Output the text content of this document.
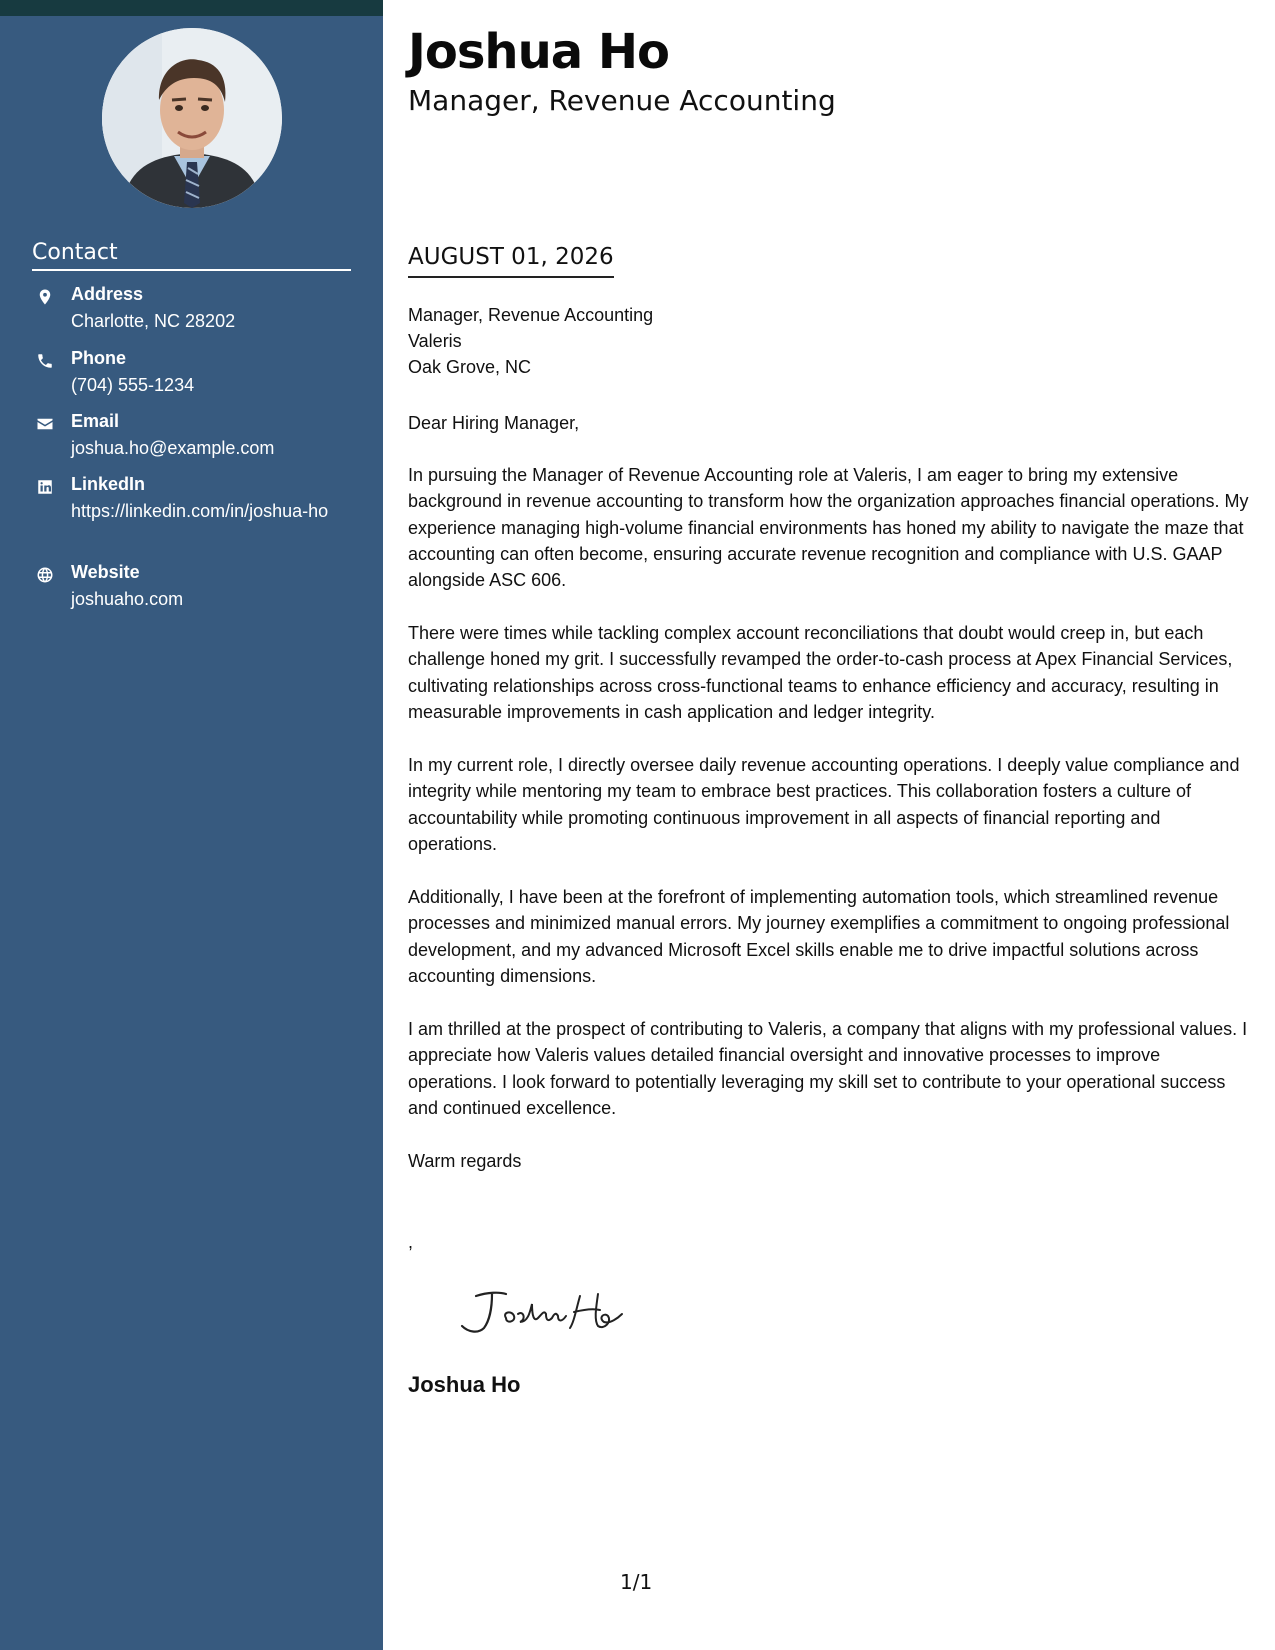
Contact
Address
Charlotte, NC 28202
Phone
(704) 555-1234
Email
joshua.ho@example.com
LinkedIn
https://linkedin.com/in/joshua-ho
Website
joshuaho.com
Joshua Ho
Manager, Revenue Accounting
AUGUST 01, 2026
Manager, Revenue Accounting
Valeris
Oak Grove, NC
Dear Hiring Manager,

In pursuing the Manager of Revenue Accounting role at Valeris, I am eager to bring my extensive background in revenue accounting to transform how the organization approaches financial operations. My experience managing high-volume financial environments has honed my ability to navigate the maze that accounting can often become, ensuring accurate revenue recognition and compliance with U.S. GAAP alongside ASC 606.

There were times while tackling complex account reconciliations that doubt would creep in, but each challenge honed my grit. I successfully revamped the order-to-cash process at Apex Financial Services, cultivating relationships across cross-functional teams to enhance efficiency and accuracy, resulting in measurable improvements in cash application and ledger integrity.

In my current role, I directly oversee daily revenue accounting operations. I deeply value compliance and integrity while mentoring my team to embrace best practices. This collaboration fosters a culture of accountability while promoting continuous improvement in all aspects of financial reporting and operations.

Additionally, I have been at the forefront of implementing automation tools, which streamlined revenue processes and minimized manual errors. My journey exemplifies a commitment to ongoing professional development, and my advanced Microsoft Excel skills enable me to drive impactful solutions across accounting dimensions.

I am thrilled at the prospect of contributing to Valeris, a company that aligns with my professional values. I appreciate how Valeris values detailed financial oversight and innovative processes to improve operations. I look forward to potentially leveraging my skill set to contribute to your operational success and continued excellence.

Warm regards
,
Joshua Ho
1/1
